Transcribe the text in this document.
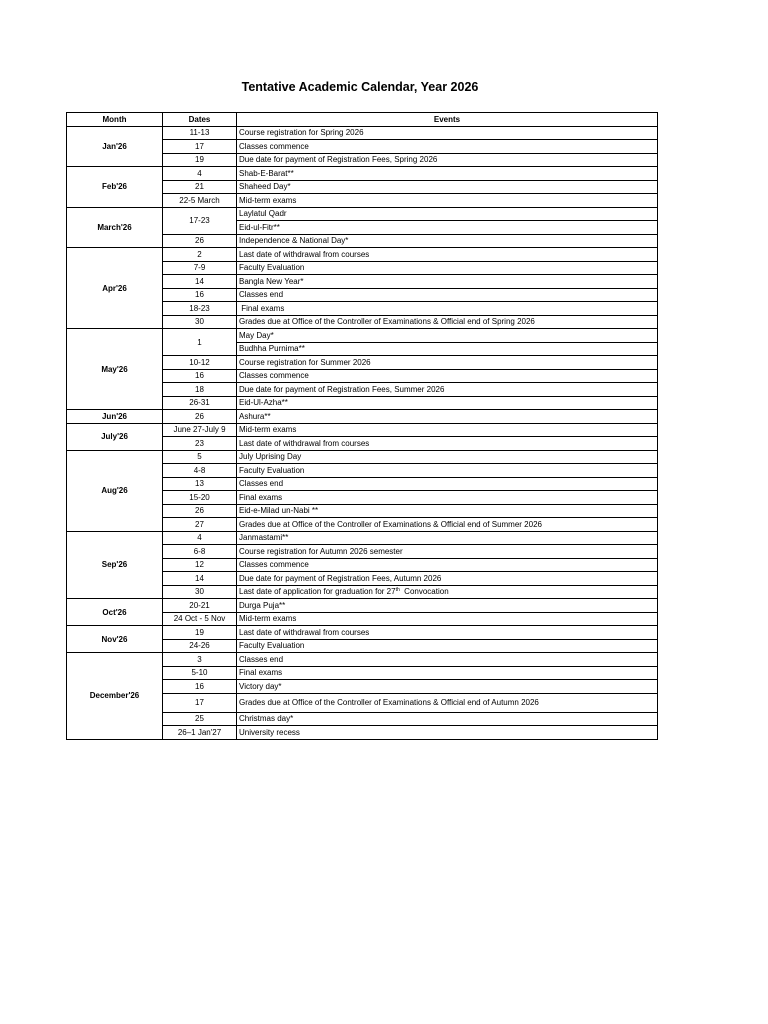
Tentative Academic Calendar, Year 2026
Month	Dates	Events
Jan'26	11-13	Course registration for Spring 2026
	17	Classes commence
	19	Due date for payment of Registration Fees, Spring 2026
Feb'26	4	Shab-E-Barat**
	21	Shaheed Day*
	22-5 March	Mid-term exams
March'26	17-23	Laylatul Qadr
		Eid-ul-Fitr**
	26	Independence & National Day*
Apr'26	2	Last date of withdrawal from courses
	7-9	Faculty Evaluation
	14	Bangla New Year*
	16	Classes end
	18-23	Final exams
	30	Grades due at Office of the Controller of Examinations & Official end of Spring 2026
May'26	1	May Day*
		Budhha Purnima**
	10-12	Course registration for Summer 2026
	16	Classes commence
	18	Due date for payment of Registration Fees, Summer 2026
	26-31	Eid-Ul-Azha**
Jun'26	26	Ashura**
July'26	June 27-July 9	Mid-term exams
	23	Last date of withdrawal from courses
Aug'26	5	July Uprising Day
	4-8	Faculty Evaluation
	13	Classes end
	15-20	Final exams
	26	Eid-e-Milad un-Nabi **
	27	Grades due at Office of the Controller of Examinations & Official end of Summer 2026
Sep'26	4	Janmastami**
	6-8	Course registration for Autumn 2026 semester
	12	Classes commence
	14	Due date for payment of Registration Fees, Autumn 2026
	30	Last date of application for graduation for 27th  Convocation
Oct'26	20-21	Durga Puja**
	24 Oct - 5 Nov	Mid-term exams
Nov'26	19	Last date of withdrawal from courses
	24-26	Faculty Evaluation
December'26	3	Classes end
	5-10	Final exams
	16	Victory day*
	17	Grades due at Office of the Controller of Examinations & Official end of Autumn 2026
	25	Christmas day*
	26–1 Jan'27	University recess
